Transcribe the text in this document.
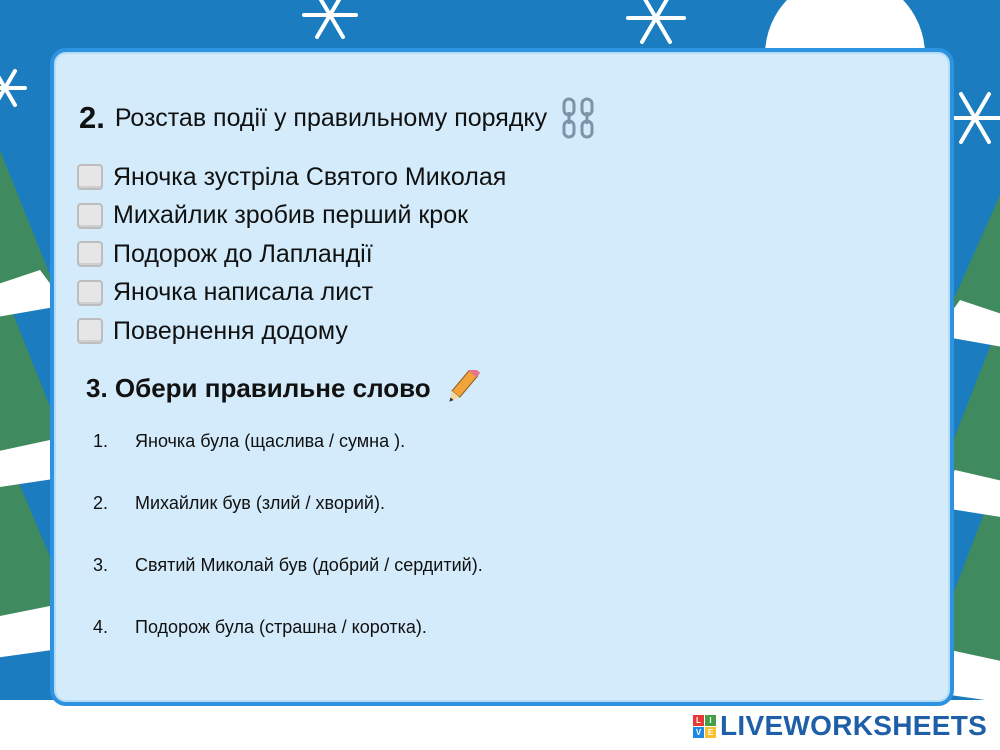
2. Розстав події у правильному порядку
Яночка зустріла Святого Миколая
Михайлик зробив перший крок
Подорож до Лапландії
Яночка написала лист
Повернення додому
3. Обери правильне слово
1.	Яночка була (щаслива / сумна ).
2.	Михайлик був (злий / хворий).
3.	Святий Миколай був (добрий / сердитий).
4.	Подорож була (страшна / коротка).
L	I
V E LIVEWORKSHEETS
